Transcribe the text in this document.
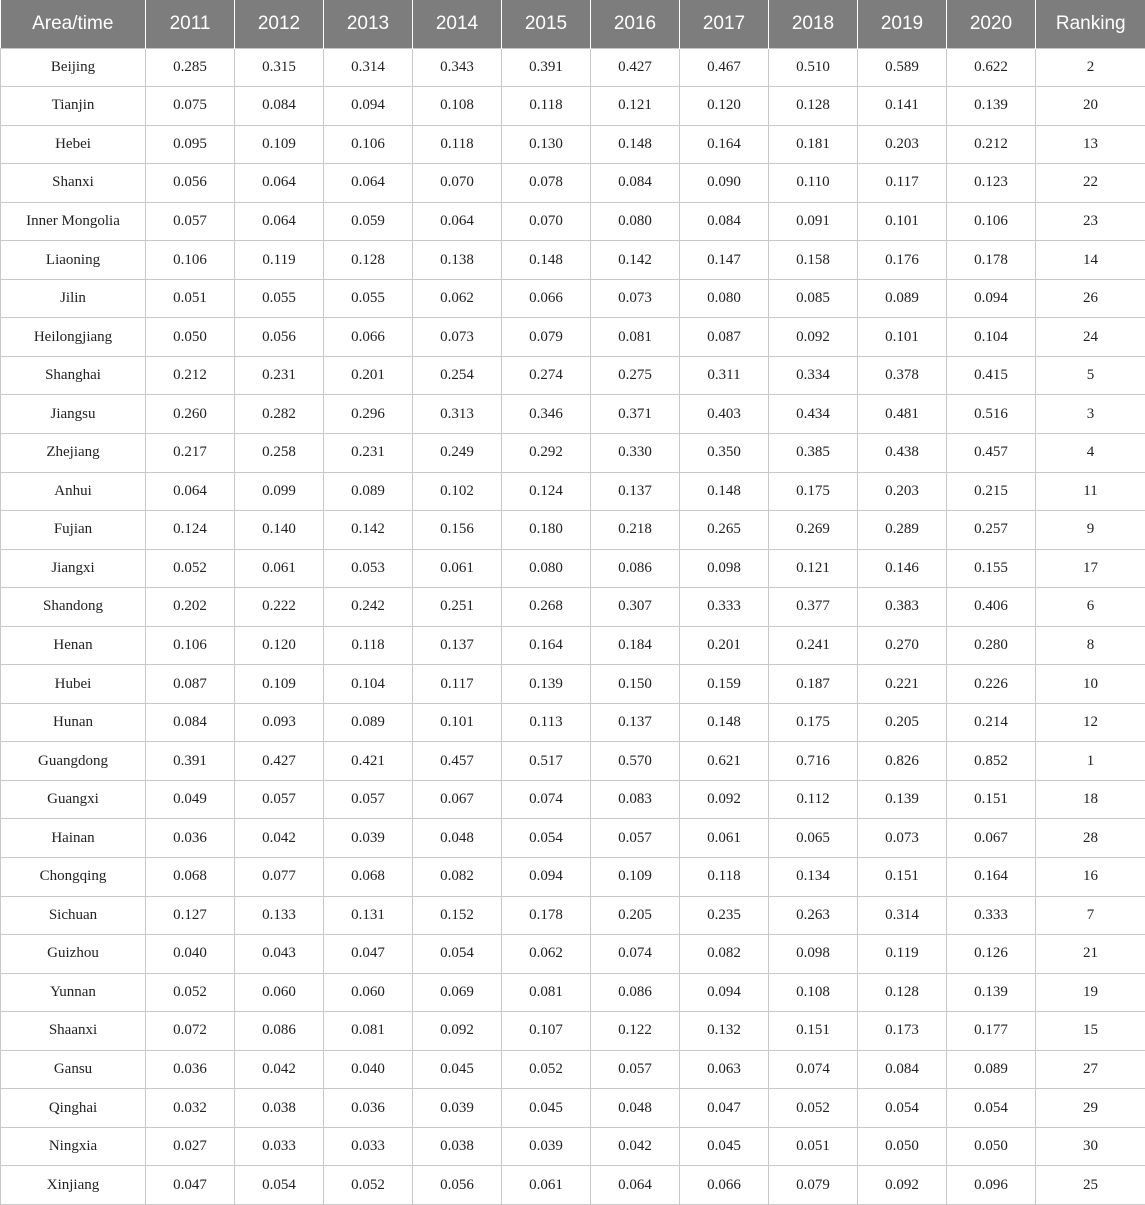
Area/time	2011	2012	2013	2014	2015	2016	2017	2018	2019	2020	Ranking
Beijing	0.285	0.315	0.314	0.343	0.391	0.427	0.467	0.510	0.589	0.622	2
Tianjin	0.075	0.084	0.094	0.108	0.118	0.121	0.120	0.128	0.141	0.139	20
Hebei	0.095	0.109	0.106	0.118	0.130	0.148	0.164	0.181	0.203	0.212	13
Shanxi	0.056	0.064	0.064	0.070	0.078	0.084	0.090	0.110	0.117	0.123	22
Inner Mongolia	0.057	0.064	0.059	0.064	0.070	0.080	0.084	0.091	0.101	0.106	23
Liaoning	0.106	0.119	0.128	0.138	0.148	0.142	0.147	0.158	0.176	0.178	14
Jilin	0.051	0.055	0.055	0.062	0.066	0.073	0.080	0.085	0.089	0.094	26
Heilongjiang	0.050	0.056	0.066	0.073	0.079	0.081	0.087	0.092	0.101	0.104	24
Shanghai	0.212	0.231	0.201	0.254	0.274	0.275	0.311	0.334	0.378	0.415	5
Jiangsu	0.260	0.282	0.296	0.313	0.346	0.371	0.403	0.434	0.481	0.516	3
Zhejiang	0.217	0.258	0.231	0.249	0.292	0.330	0.350	0.385	0.438	0.457	4
Anhui	0.064	0.099	0.089	0.102	0.124	0.137	0.148	0.175	0.203	0.215	11
Fujian	0.124	0.140	0.142	0.156	0.180	0.218	0.265	0.269	0.289	0.257	9
Jiangxi	0.052	0.061	0.053	0.061	0.080	0.086	0.098	0.121	0.146	0.155	17
Shandong	0.202	0.222	0.242	0.251	0.268	0.307	0.333	0.377	0.383	0.406	6
Henan	0.106	0.120	0.118	0.137	0.164	0.184	0.201	0.241	0.270	0.280	8
Hubei	0.087	0.109	0.104	0.117	0.139	0.150	0.159	0.187	0.221	0.226	10
Hunan	0.084	0.093	0.089	0.101	0.113	0.137	0.148	0.175	0.205	0.214	12
Guangdong	0.391	0.427	0.421	0.457	0.517	0.570	0.621	0.716	0.826	0.852	1
Guangxi	0.049	0.057	0.057	0.067	0.074	0.083	0.092	0.112	0.139	0.151	18
Hainan	0.036	0.042	0.039	0.048	0.054	0.057	0.061	0.065	0.073	0.067	28
Chongqing	0.068	0.077	0.068	0.082	0.094	0.109	0.118	0.134	0.151	0.164	16
Sichuan	0.127	0.133	0.131	0.152	0.178	0.205	0.235	0.263	0.314	0.333	7
Guizhou	0.040	0.043	0.047	0.054	0.062	0.074	0.082	0.098	0.119	0.126	21
Yunnan	0.052	0.060	0.060	0.069	0.081	0.086	0.094	0.108	0.128	0.139	19
Shaanxi	0.072	0.086	0.081	0.092	0.107	0.122	0.132	0.151	0.173	0.177	15
Gansu	0.036	0.042	0.040	0.045	0.052	0.057	0.063	0.074	0.084	0.089	27
Qinghai	0.032	0.038	0.036	0.039	0.045	0.048	0.047	0.052	0.054	0.054	29
Ningxia	0.027	0.033	0.033	0.038	0.039	0.042	0.045	0.051	0.050	0.050	30
Xinjiang	0.047	0.054	0.052	0.056	0.061	0.064	0.066	0.079	0.092	0.096	25
